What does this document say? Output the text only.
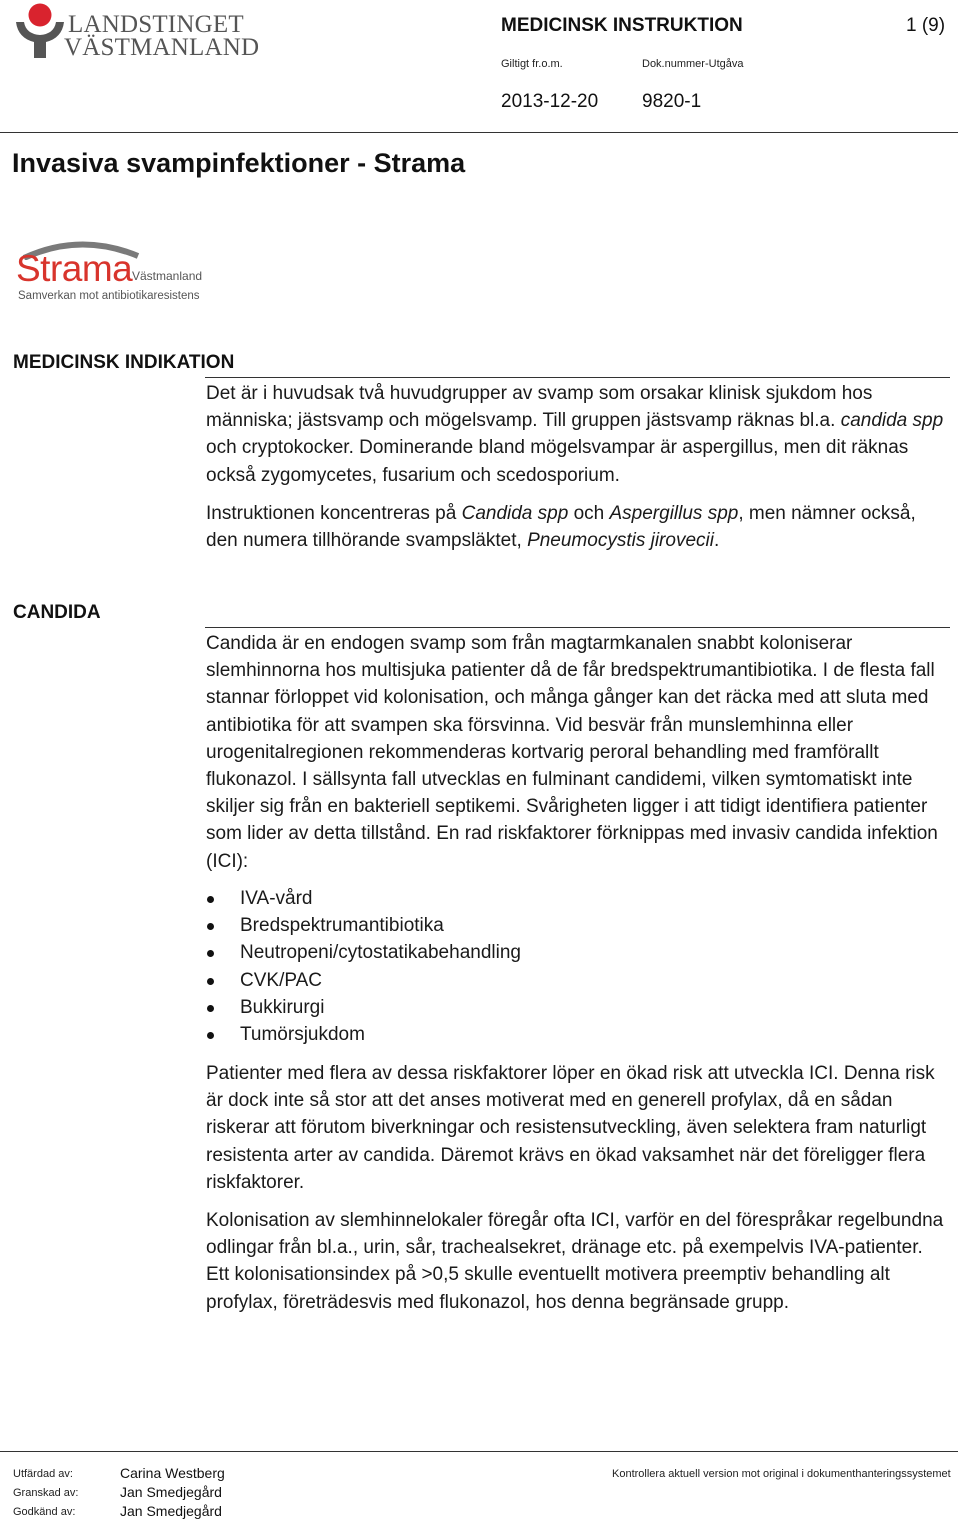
LANDSTINGET
VÄSTMANLAND
MEDICINSK INSTRUKTION	1 (9)
Giltigt fr.o.m.	Dok.nummer-Utgåva
2013-12-20 9820-1
Invasiva svampinfektioner - Strama
Strama Västmanland
Samverkan mot antibiotikaresistens
MEDICINSK INDIKATION

Det är i huvudsak två huvudgrupper av svamp som orsakar klinisk sjukdom hos människa; jästsvamp och mögelsvamp. Till gruppen jästsvamp räknas bl.a. candida spp och cryptokocker. Dominerande bland mögelsvampar är aspergillus, men dit räknas också zygomycetes, fusarium och scedosporium.

Instruktionen koncentreras på Candida spp och Aspergillus spp, men nämner också, den numera tillhörande svampsläktet, Pneumocystis jirovecii.

CANDIDA

Candida är en endogen svamp som från magtarmkanalen snabbt koloniserar slemhinnorna hos multisjuka patienter då de får bredspektrumantibiotika. I de flesta fall stannar förloppet vid kolonisation, och många gånger kan det räcka med att sluta med antibiotika för att svampen ska försvinna. Vid besvär från munslemhinna eller urogenitalregionen rekommenderas kortvarig peroral behandling med framförallt flukonazol. I sällsynta fall utvecklas en fulminant candidemi, vilken symtomatiskt inte skiljer sig från en bakteriell septikemi. Svårigheten ligger i att tidigt identifiera patienter som lider av detta tillstånd. En rad riskfaktorer förknippas med invasiv candida infektion (ICI):

IVA-vård
Bredspektrumantibiotika
Neutropeni/cytostatikabehandling
CVK/PAC
Bukkirurgi
Tumörsjukdom

Patienter med flera av dessa riskfaktorer löper en ökad risk att utveckla ICI. Denna risk är dock inte så stor att det anses motiverat med en generell profylax, då en sådan riskerar att förutom biverkningar och resistensutveckling, även selektera fram naturligt resistenta arter av candida. Däremot krävs en ökad vaksamhet när det föreligger flera riskfaktorer.

Kolonisation av slemhinnelokaler föregår ofta ICI, varför en del förespråkar regelbundna odlingar från bl.a., urin, sår, trachealsekret, dränage etc. på exempelvis IVA-patienter. Ett kolonisationsindex på >0,5 skulle eventuellt motivera preemptiv behandling alt profylax, företrädesvis med flukonazol, hos denna begränsade grupp.

Utfärdad av:	Carina Westberg
Granskad av:	Jan Smedjegård
Godkänd av:	Jan Smedjegård
Kontrollera aktuell version mot original i dokumenthanteringssystemet
